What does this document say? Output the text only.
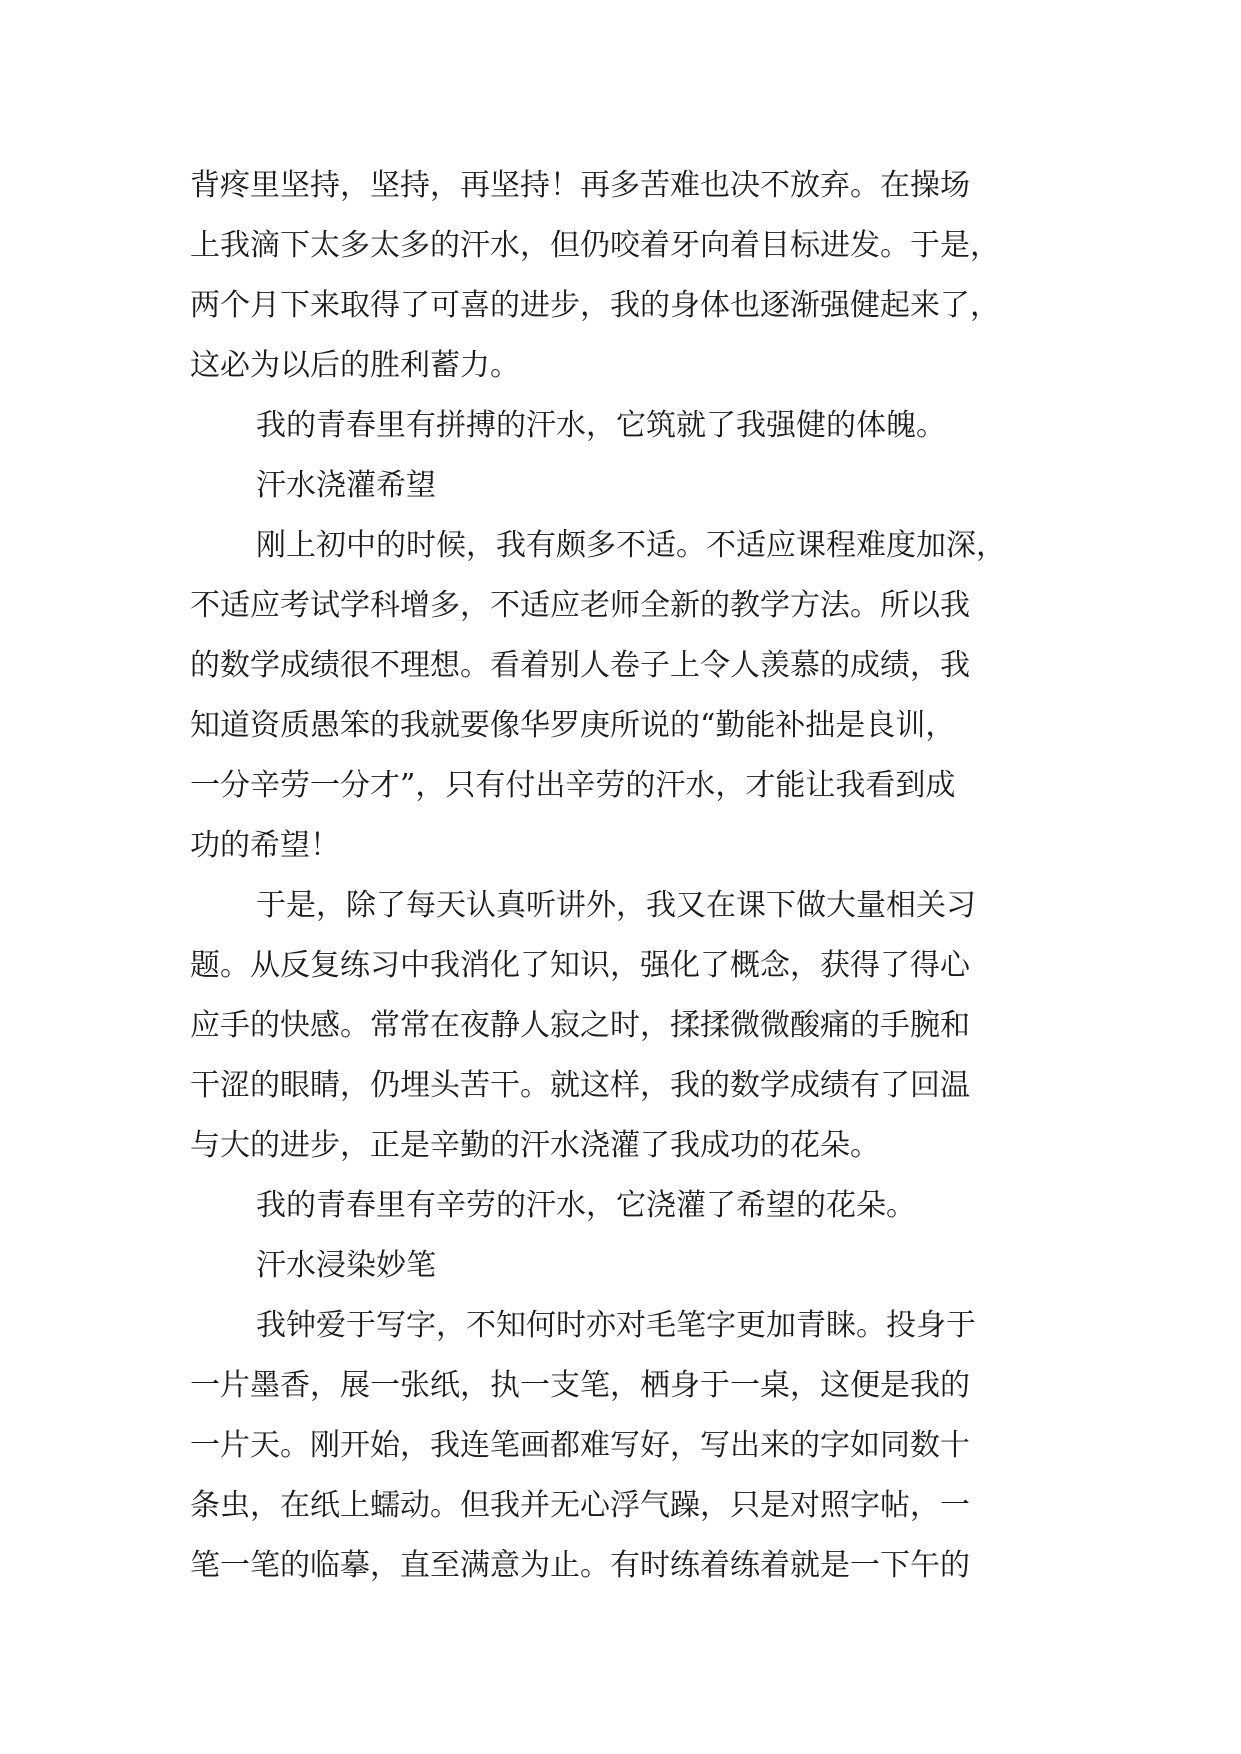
背疼里坚持，坚持，再坚持！再多苦难也决不放弃。在操场
上我滴下太多太多的汗水，但仍咬着牙向着目标进发。于是，
两个月下来取得了可喜的进步，我的身体也逐渐强健起来了，
这必为以后的胜利蓄力。
我的青春里有拼搏的汗水，它筑就了我强健的体魄。
汗水浇灌希望
刚上初中的时候，我有颇多不适。不适应课程难度加深，
不适应考试学科增多，不适应老师全新的教学方法。所以我
的数学成绩很不理想。看着别人卷子上令人羡慕的成绩，我
知道资质愚笨的我就要像华罗庚所说的“勤能补拙是良训，
一分辛劳一分才”，只有付出辛劳的汗水，才能让我看到成
功的希望！
于是，除了每天认真听讲外，我又在课下做大量相关习
题。从反复练习中我消化了知识，强化了概念，获得了得心
应手的快感。常常在夜静人寂之时，揉揉微微酸痛的手腕和
干涩的眼睛，仍埋头苦干。就这样，我的数学成绩有了回温
与大的进步，正是辛勤的汗水浇灌了我成功的花朵。
我的青春里有辛劳的汗水，它浇灌了希望的花朵。
汗水浸染妙笔
我钟爱于写字，不知何时亦对毛笔字更加青睐。投身于
一片墨香，展一张纸，执一支笔，栖身于一桌，这便是我的
一片天。刚开始，我连笔画都难写好，写出来的字如同数十
条虫，在纸上蠕动。但我并无心浮气躁，只是对照字帖，一
笔一笔的临摹，直至满意为止。有时练着练着就是一下午的
